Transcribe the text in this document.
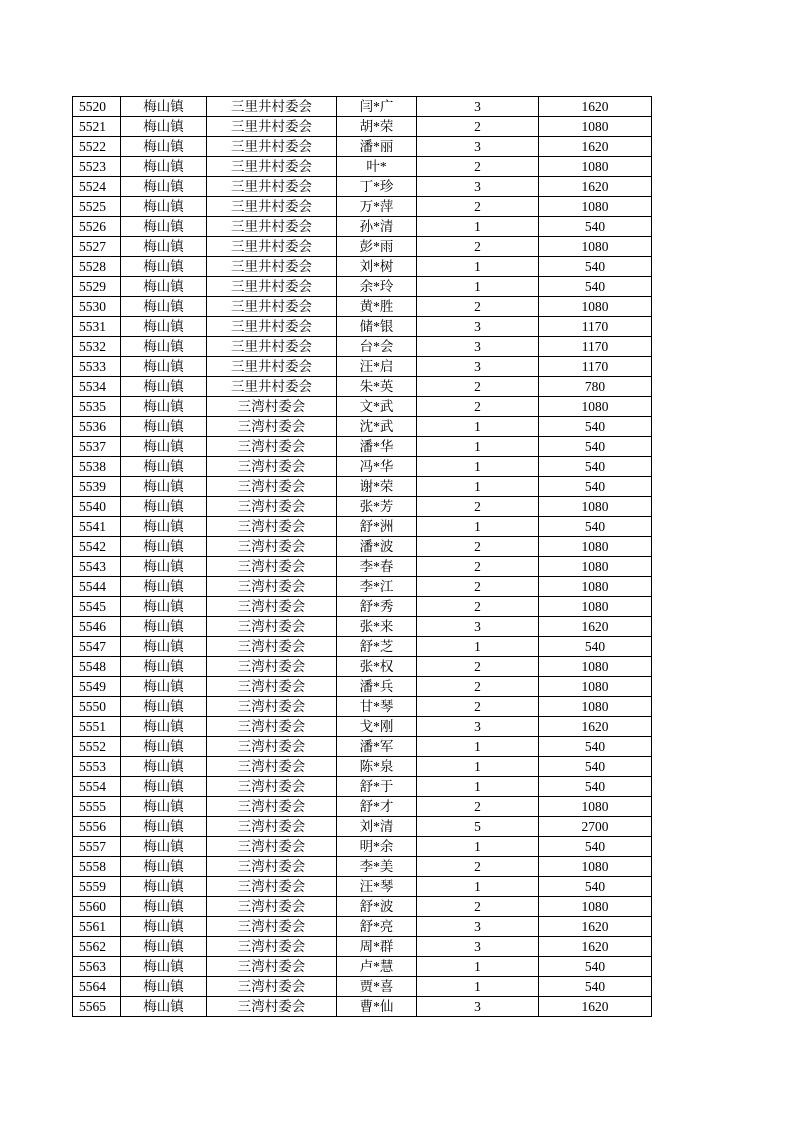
5520	梅山镇	三里井村委会	闫*广	3	1620
5521	梅山镇	三里井村委会	胡*荣	2	1080
5522	梅山镇	三里井村委会	潘*丽	3	1620
5523	梅山镇	三里井村委会	叶*	2	1080
5524	梅山镇	三里井村委会	丁*珍	3	1620
5525	梅山镇	三里井村委会	万*萍	2	1080
5526	梅山镇	三里井村委会	孙*清	1	540
5527	梅山镇	三里井村委会	彭*雨	2	1080
5528	梅山镇	三里井村委会	刘*树	1	540
5529	梅山镇	三里井村委会	余*玲	1	540
5530	梅山镇	三里井村委会	黄*胜	2	1080
5531	梅山镇	三里井村委会	储*银	3	1170
5532	梅山镇	三里井村委会	台*会	3	1170
5533	梅山镇	三里井村委会	汪*启	3	1170
5534	梅山镇	三里井村委会	朱*英	2	780
5535	梅山镇	三湾村委会	文*武	2	1080
5536	梅山镇	三湾村委会	沈*武	1	540
5537	梅山镇	三湾村委会	潘*华	1	540
5538	梅山镇	三湾村委会	冯*华	1	540
5539	梅山镇	三湾村委会	谢*荣	1	540
5540	梅山镇	三湾村委会	张*芳	2	1080
5541	梅山镇	三湾村委会	舒*洲	1	540
5542	梅山镇	三湾村委会	潘*波	2	1080
5543	梅山镇	三湾村委会	李*春	2	1080
5544	梅山镇	三湾村委会	李*江	2	1080
5545	梅山镇	三湾村委会	舒*秀	2	1080
5546	梅山镇	三湾村委会	张*来	3	1620
5547	梅山镇	三湾村委会	舒*芝	1	540
5548	梅山镇	三湾村委会	张*权	2	1080
5549	梅山镇	三湾村委会	潘*兵	2	1080
5550	梅山镇	三湾村委会	甘*琴	2	1080
5551	梅山镇	三湾村委会	戈*刚	3	1620
5552	梅山镇	三湾村委会	潘*军	1	540
5553	梅山镇	三湾村委会	陈*泉	1	540
5554	梅山镇	三湾村委会	舒*于	1	540
5555	梅山镇	三湾村委会	舒*才	2	1080
5556	梅山镇	三湾村委会	刘*清	5	2700
5557	梅山镇	三湾村委会	明*余	1	540
5558	梅山镇	三湾村委会	李*美	2	1080
5559	梅山镇	三湾村委会	汪*琴	1	540
5560	梅山镇	三湾村委会	舒*波	2	1080
5561	梅山镇	三湾村委会	舒*亮	3	1620
5562	梅山镇	三湾村委会	周*群	3	1620
5563	梅山镇	三湾村委会	卢*慧	1	540
5564	梅山镇	三湾村委会	贾*喜	1	540
5565	梅山镇	三湾村委会	曹*仙	3	1620
